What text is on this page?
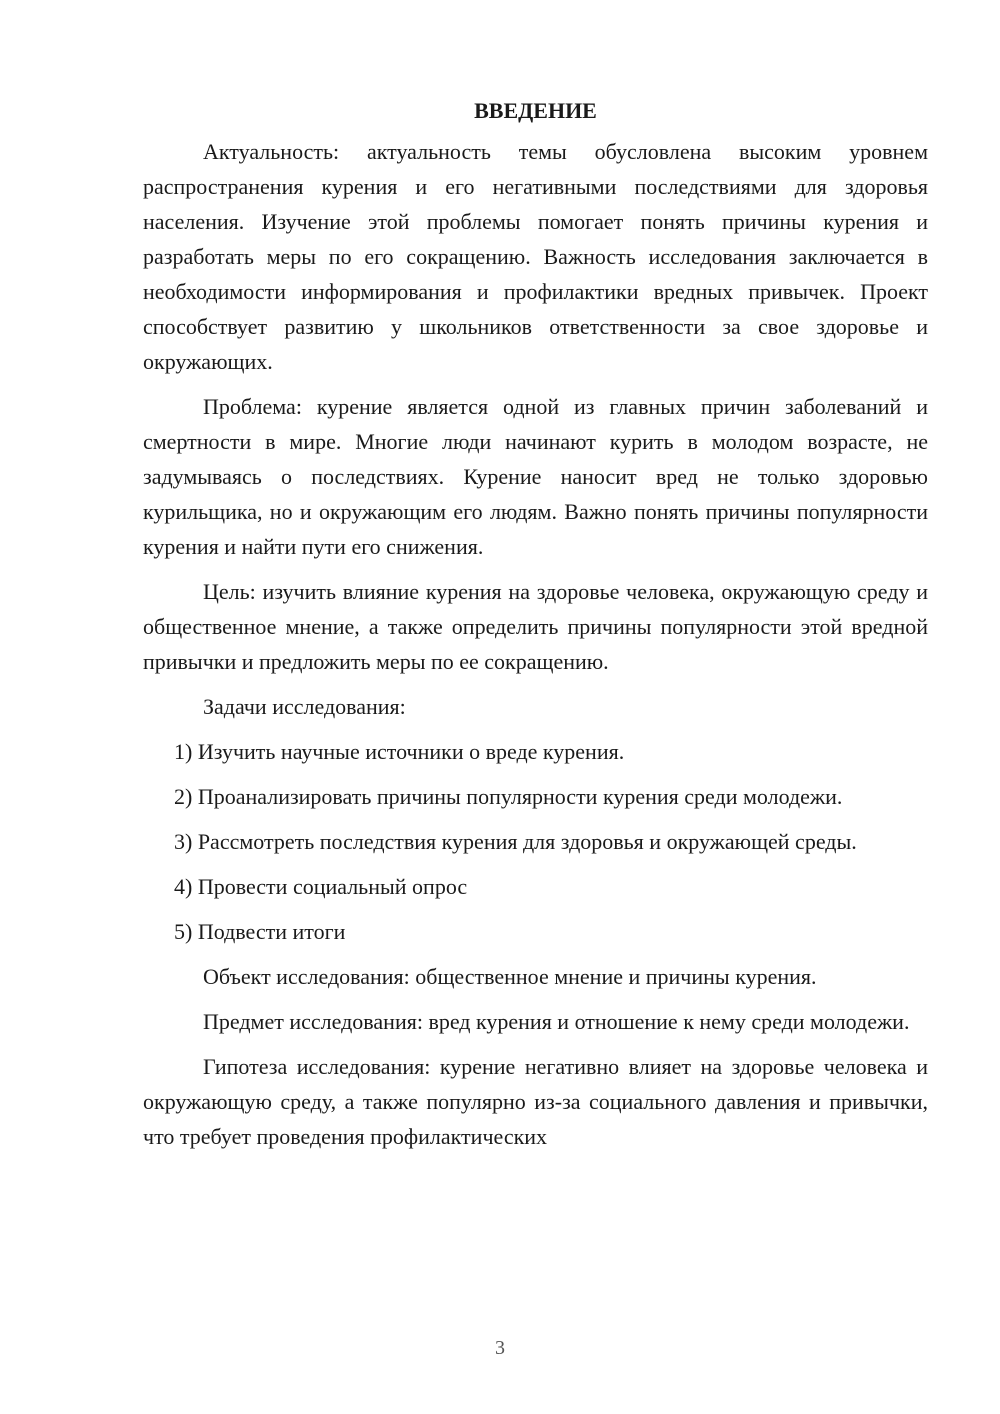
ВВЕДЕНИЕ

Актуальность: актуальность темы обусловлена высоким уровнем распространения курения и его негативными последствиями для здоровья населения. Изучение этой проблемы помогает понять причины курения и разработать меры по его сокращению. Важность исследования заключается в необходимости информирования и профилактики вредных привычек. Проект способствует развитию у школьников ответственности за свое здоровье и окружающих.

Проблема: курение является одной из главных причин заболеваний и смертности в мире. Многие люди начинают курить в молодом возрасте, не задумываясь о последствиях. Курение наносит вред не только здоровью курильщика, но и окружающим его людям. Важно понять причины популярности курения и найти пути его снижения.

Цель: изучить влияние курения на здоровье человека, окружающую среду и общественное мнение, а также определить причины популярности этой вредной привычки и предложить меры по ее сокращению.

Задачи исследования:

1) Изучить научные источники о вреде курения.

2) Проанализировать причины популярности курения среди молодежи.

3) Рассмотреть последствия курения для здоровья и окружающей среды.

4) Провести социальный опрос

5) Подвести итоги

Объект исследования: общественное мнение и причины курения.

Предмет исследования: вред курения и отношение к нему среди молодежи.

Гипотеза исследования: курение негативно влияет на здоровье человека и окружающую среду, а также популярно из-за социального давления и привычки, что требует проведения профилактических

3
